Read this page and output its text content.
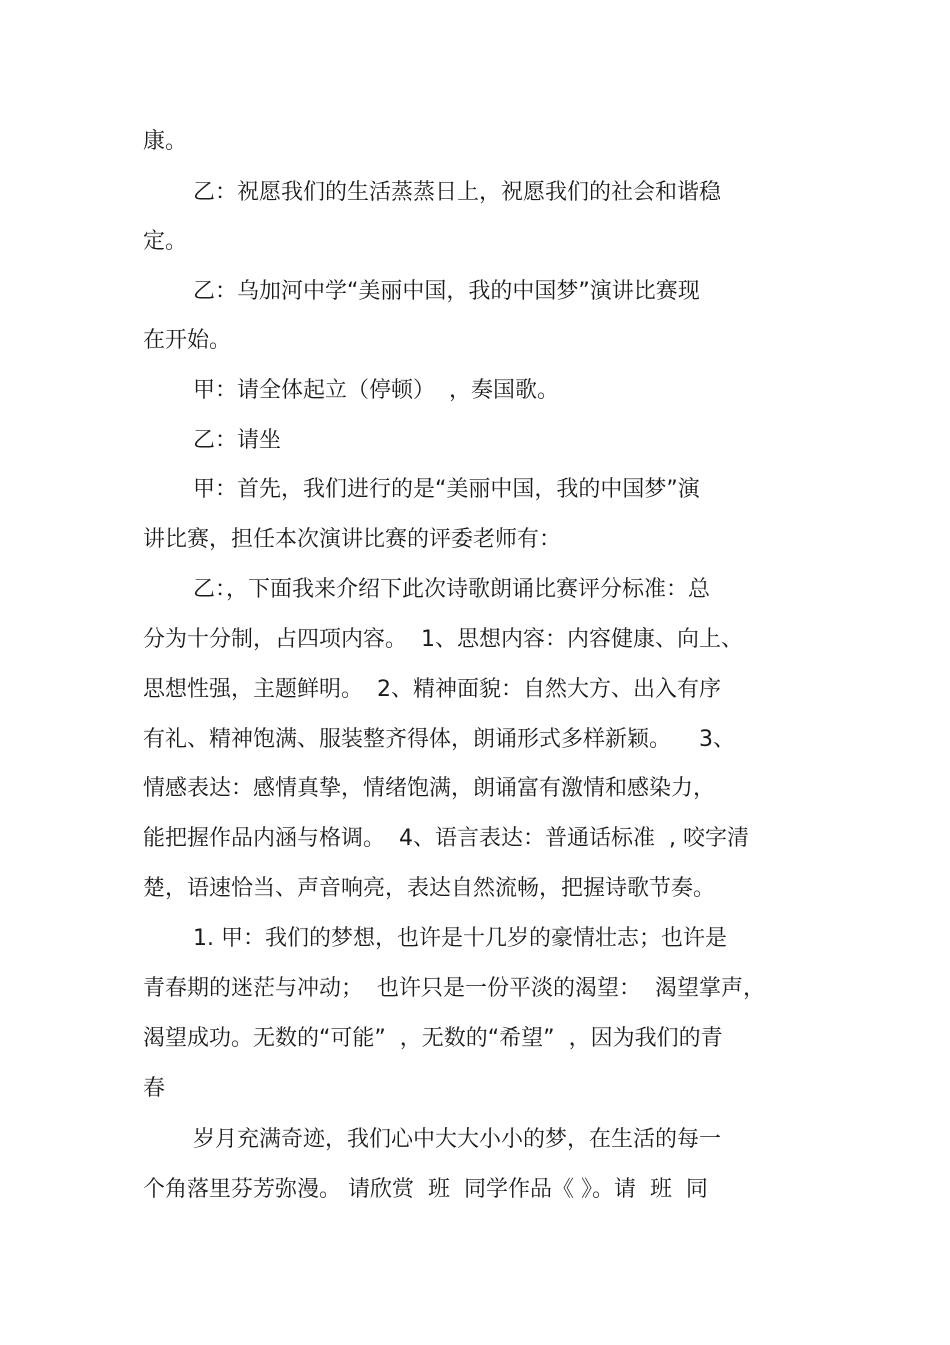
康。
乙：祝愿我们的生活蒸蒸日上，祝愿我们的社会和谐稳
定。
乙：乌加河中学“美丽中国，我的中国梦”演讲比赛现
在开始。
甲：请全体起立（停顿）  ，奏国歌。
乙：请坐
甲：首先，我们进行的是“美丽中国，我的中国梦”演
讲比赛，担任本次演讲比赛的评委老师有：
乙：，下面我来介绍下此次诗歌朗诵比赛评分标准：总
分为十分制，占四项内容。  1、思想内容：内容健康、向上、
思想性强，主题鲜明。  2、精神面貌：自然大方、出入有序
有礼、精神饱满、服装整齐得体，朗诵形式多样新颖。    3、
情感表达：感情真挚，情绪饱满，朗诵富有激情和感染力，
能把握作品内涵与格调。  4、语言表达：普通话标准  , 咬字清
楚，语速恰当、声音响亮，表达自然流畅，把握诗歌节奏。
1. 甲：我们的梦想，也许是十几岁的豪情壮志；也许是
青春期的迷茫与冲动；  也许只是一份平淡的渴望：  渴望掌声，
渴望成功。无数的“可能”  ，无数的“希望”  ，因为我们的青
春
岁月充满奇迹，我们心中大大小小的梦，在生活的每一
个角落里芬芳弥漫。 请欣赏  班  同学作品《 》。请  班  同
